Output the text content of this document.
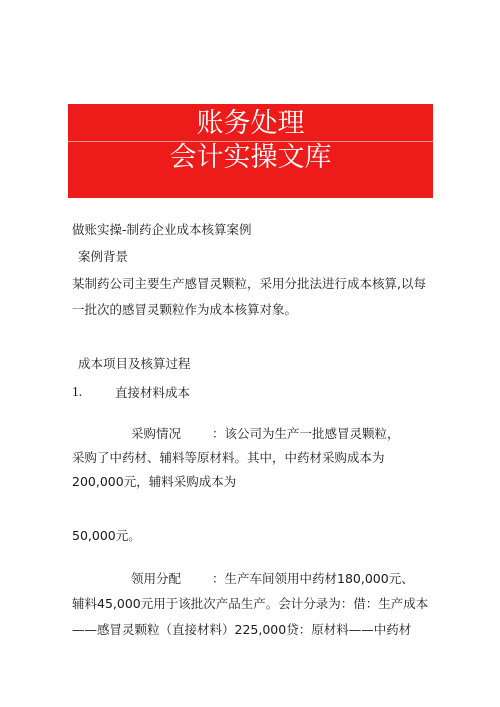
账务处理
会计实操文库
做账实操-制药企业成本核算案例
案例背景
某制药公司主要生产感冒灵颗粒，采用分批法进行成本核算,以每
一批次的感冒灵颗粒作为成本核算对象。
成本项目及核算过程
1.	直接材料成本
采购情况 ：该公司为生产一批感冒灵颗粒，
采购了中药材、辅料等原材料。其中，中药材采购成本为
200,000元，辅料采购成本为
50,000元。
领用分配 ：生产车间领用中药材180,000元、
辅料45,000元用于该批次产品生产。会计分录为：借：生产成本
——感冒灵颗粒（直接材料）225,000贷：原材料——中药材
